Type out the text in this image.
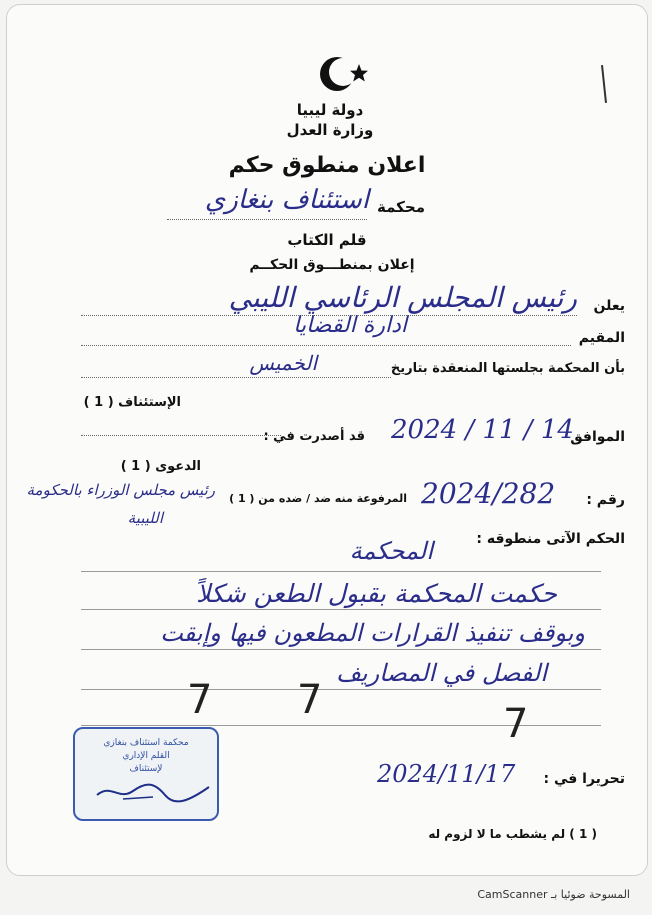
دولة ليبيا
وزارة العدل
اعلان منطوق حكم
محكمة
استئناف بنغازي
قلم الكتاب
إعلان بمنطـــوق الحكــم
يعلن
رئيس المجلس الرئاسي الليبي
المقيم
ادارة القضايا
بأن المحكمة بجلستها المنعقدة بتاريخ
الخميس
الإستئناف ( 1 )
الموافق
2024 / 11 / 14
قد أصدرت في :
الدعوى ( 1 )
رقم :
2024/282
المرفوعة منه ضد / ضده من ( 1 )
رئيس مجلس الوزراء بالحكومة
الليبية
الحكم الآتى منطوقه :
المحكمة
حكمت المحكمة بقبول الطعن شكلاً
وبوقف تنفيذ القرارات المطعون فيها وإبقت
الفصل في المصاريف
7 7
7
محكمة استئناف بنغازي
القلم الإداري
لإستئناف
تحريرا في :
2024/11/17
( 1 ) لم يشطب ما لا لزوم له
المسوحة ضوئيا بـ CamScanner
